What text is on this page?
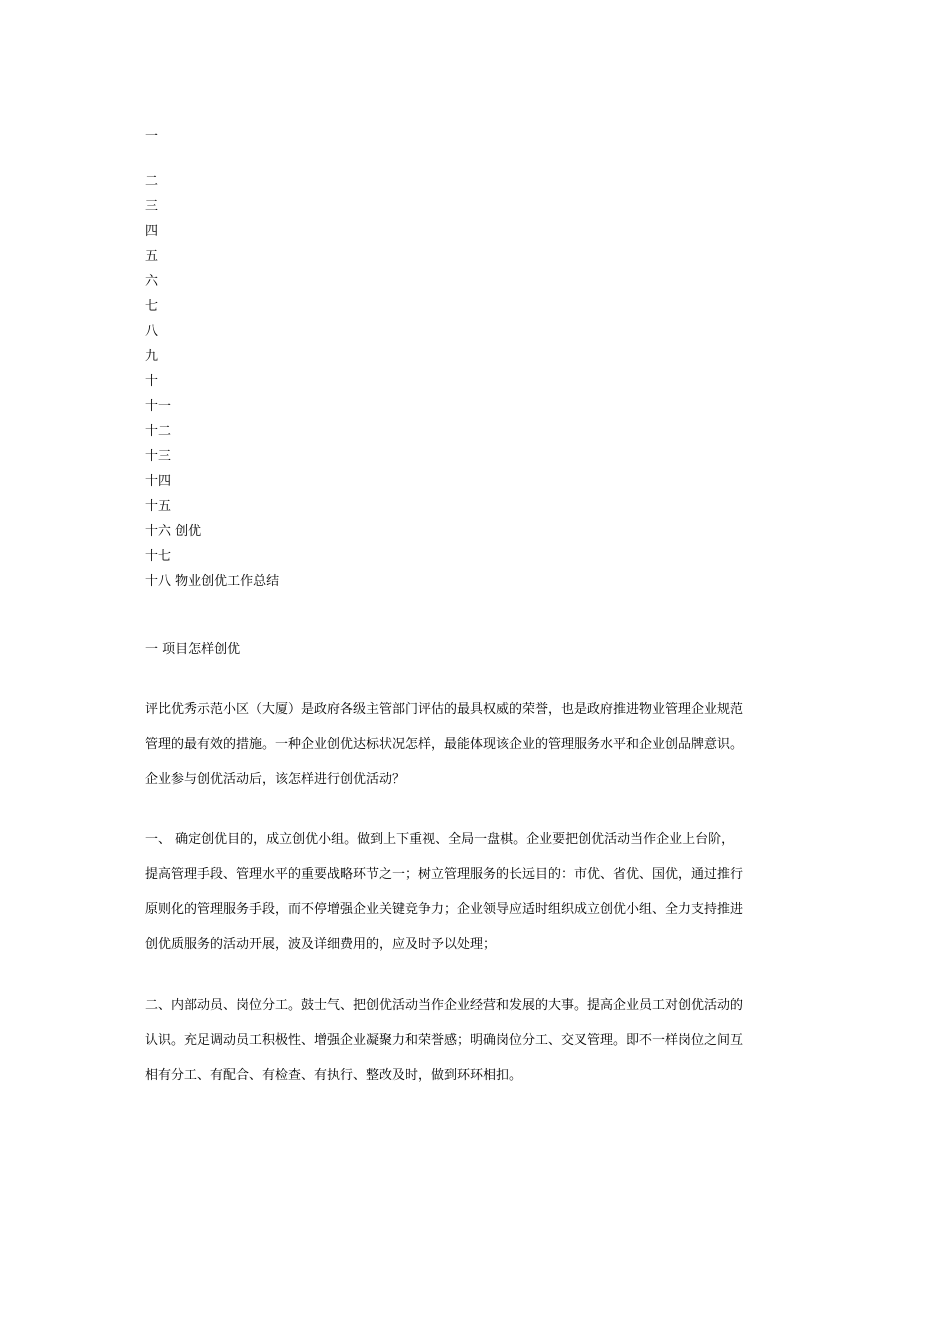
一
二
三
四
五
六
七
八
九
十
十一
十二
十三
十四
十五
十六 创优
十七
十八 物业创优工作总结
一 项目怎样创优
评比优秀示范小区（大厦）是政府各级主管部门评估的最具权威的荣誉，也是政府推进物业管理企业规范
管理的最有效的措施。一种企业创优达标状况怎样，最能体现该企业的管理服务水平和企业创品牌意识。
企业参与创优活动后，该怎样进行创优活动？
一、 确定创优目的，成立创优小组。做到上下重视、全局一盘棋。企业要把创优活动当作企业上台阶，
提高管理手段、管理水平的重要战略环节之一；树立管理服务的长远目的：市优、省优、国优，通过推行
原则化的管理服务手段，而不停增强企业关键竞争力；企业领导应适时组织成立创优小组、全力支持推进
创优质服务的活动开展，波及详细费用的，应及时予以处理；
二、内部动员、岗位分工。鼓士气、把创优活动当作企业经营和发展的大事。提高企业员工对创优活动的
认识。充足调动员工积极性、增强企业凝聚力和荣誉感；明确岗位分工、交叉管理。即不一样岗位之间互
相有分工、有配合、有检查、有执行、整改及时，做到环环相扣。
